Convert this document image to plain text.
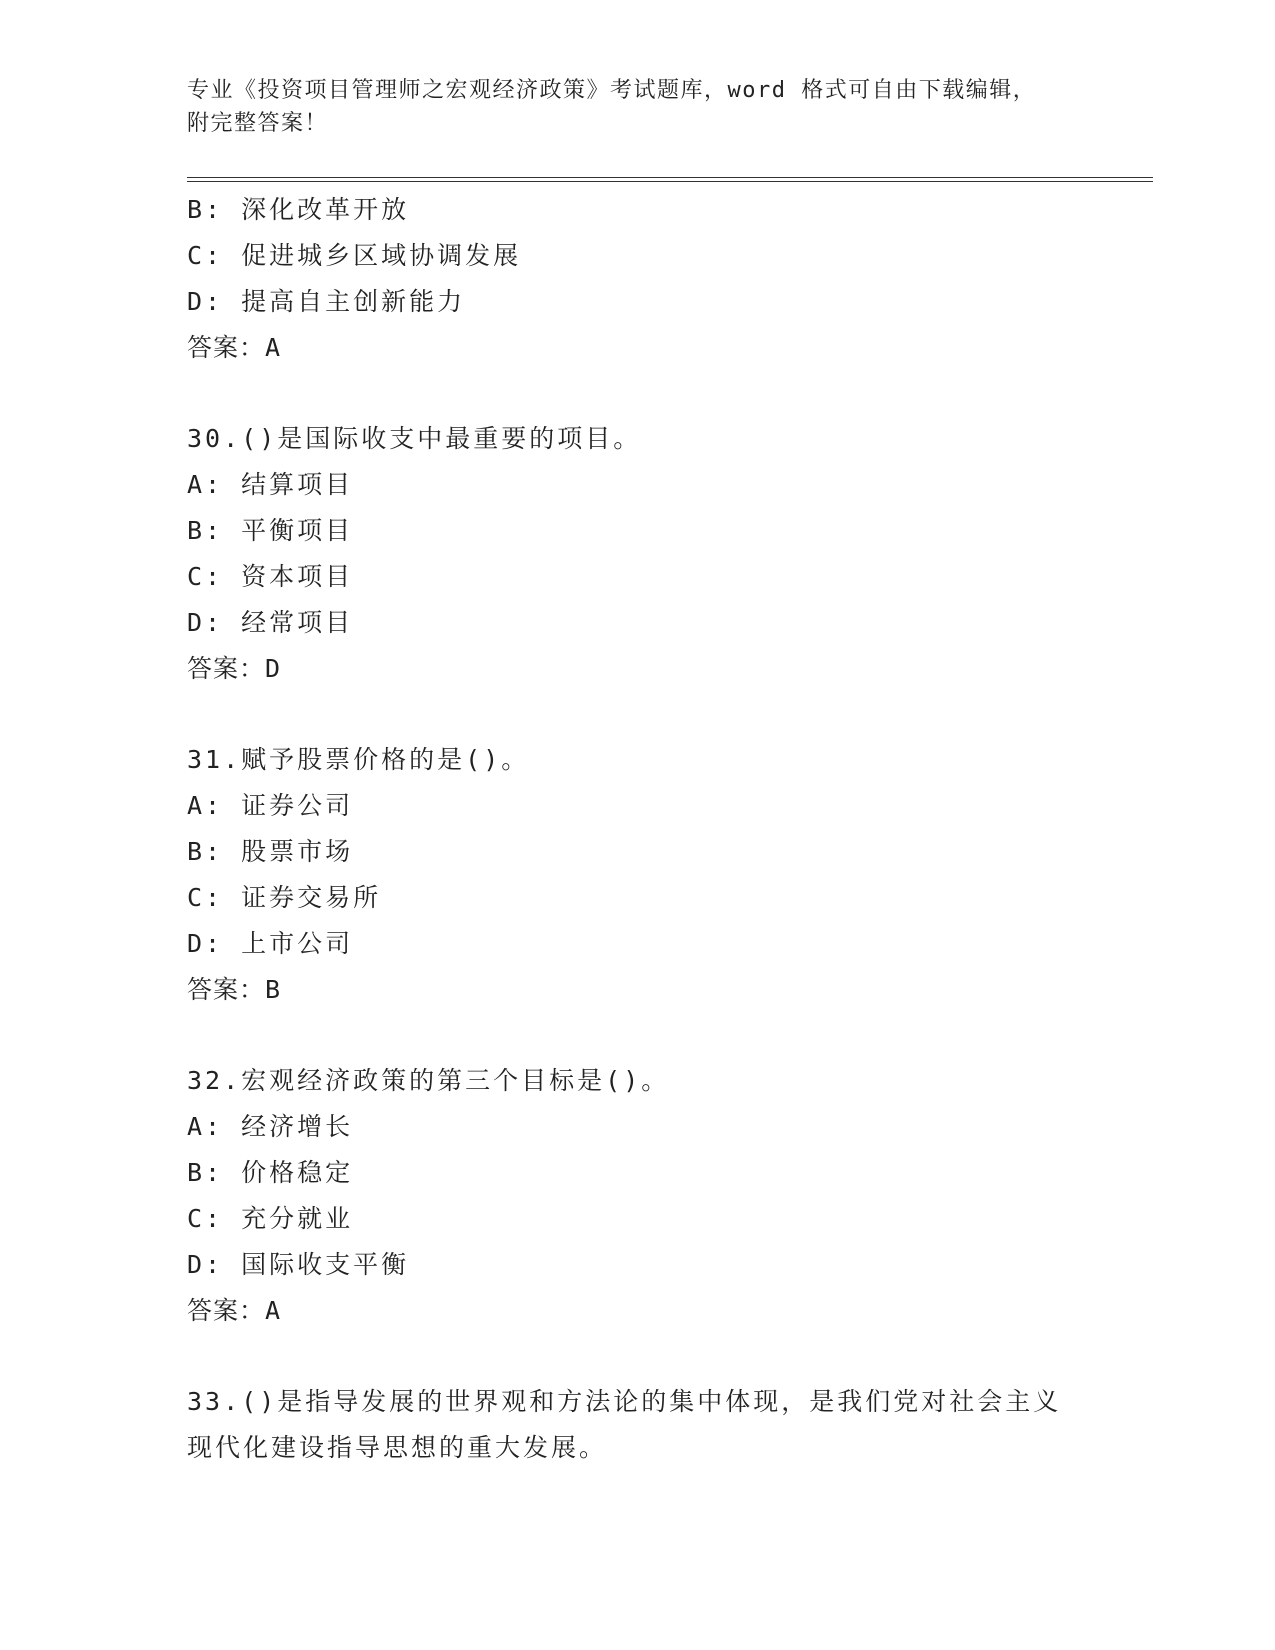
专业《投资项目管理师之宏观经济政策》考试题库，word 格式可自由下载编辑，
附完整答案！
B: 深化改革开放
C: 促进城乡区域协调发展
D: 提高自主创新能力
答案：A
30.()是国际收支中最重要的项目。
A: 结算项目
B: 平衡项目
C: 资本项目
D: 经常项目
答案：D
31.赋予股票价格的是()。
A: 证券公司
B: 股票市场
C: 证券交易所
D: 上市公司
答案：B
32.宏观经济政策的第三个目标是()。
A: 经济增长
B: 价格稳定
C: 充分就业
D: 国际收支平衡
答案：A
33.()是指导发展的世界观和方法论的集中体现，是我们党对社会主义
现代化建设指导思想的重大发展。
